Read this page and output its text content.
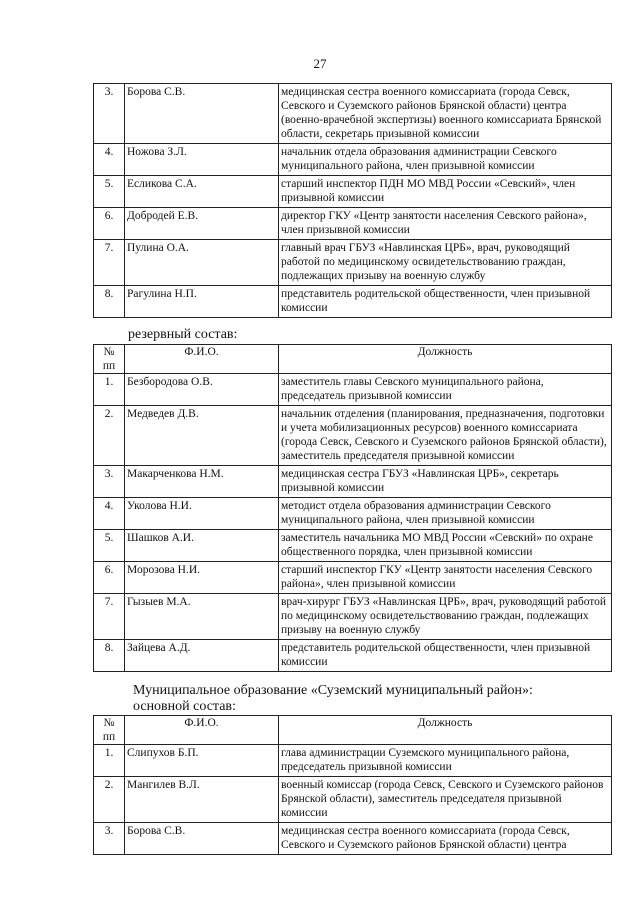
27
3.	Борова С.В.	медицинская сестра военного комиссариата (города Севск, Севского и Суземского районов Брянской области) центра (военно-врачебной экспертизы) военного комиссариата Брянской области, секретарь призывной комиссии
4.	Ножова З.Л.	начальник отдела образования администрации Севского муниципального района, член призывной комиссии
5.	Еcликова С.А.	старший инспектор ПДН МО МВД России «Севский», член призывной комиссии
6.	Добродей Е.В.	директор ГКУ «Центр занятости населения Севского района», член призывной комиссии
7.	Пулина О.А.	главный врач ГБУЗ «Навлинская ЦРБ», врач, руководящий работой по медицинскому освидетельствованию граждан, подлежащих призыву на военную службу
8.	Рагулина Н.П.	представитель родительской общественности, член призывной комиссии
резервный состав:
№ пп	Ф.И.О.	Должность
1.	Безбородова О.В.	заместитель главы Севского муниципального района, председатель призывной комиссии
2.	Медведев Д.В.	начальник отделения (планирования, предназначения, подготовки и учета мобилизационных ресурсов) военного комиссариата (города Севск, Севского и Суземского районов Брянской области), заместитель председателя призывной комиссии
3.	Макарченкова Н.М.	медицинская сестра ГБУЗ «Навлинская ЦРБ», секретарь призывной комиссии
4.	Уколова Н.И.	методист отдела образования администрации Севского муниципального района, член призывной комиссии
5.	Шашков А.И.	заместитель начальника МО МВД России «Севский» по охране общественного порядка, член призывной комиссии
6.	Морозова Н.И.	старший инспектор ГКУ «Центр занятости населения Севского района», член призывной комиссии
7.	Гызыев М.А.	врач-хирург ГБУЗ «Навлинская ЦРБ», врач, руководящий работой по медицинскому освидетельствованию граждан, подлежащих призыву на военную службу
8.	Зайцева А.Д.	представитель родительской общественности, член призывной комиссии
Муниципальное образование «Суземский муниципальный район»:
основной состав:
№ пп	Ф.И.О.	Должность
1.	Слипухов Б.П.	глава администрации Суземского муниципального района, председатель призывной комиссии
2.	Мангилев В.Л.	военный комиссар (города Севск, Севского и Суземского районов Брянской области), заместитель председателя призывной комиссии
3.	Борова С.В.	медицинская сестра военного комиссариата (города Севск, Севского и Суземского районов Брянской области) центра
